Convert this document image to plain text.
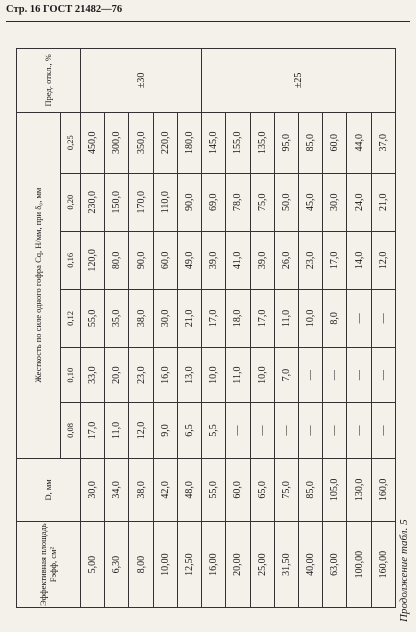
Стр. 16 ГОСТ 21482—76
Продолжение табл. 5
Эффективная площадь Fэфф, см²	D, мм	Жесткость по силе одного гофра Cq, Н/мм, при δ₀, мм						Пред. откл., %
		0,08	0,10	0,12	0,16	0,20	0,25	
5,00	30,0	17,0	33,0	55,0	120,0	230,0	450,0	±30
6,30	34,0	11,0	20,0	35,0	80,0	150,0	300,0	
8,00	38,0	12,0	23,0	38,0	90,0	170,0	350,0	
10,00	42,0	9,0	16,0	30,0	60,0	110,0	220,0	
12,50	48,0	6,5	13,0	21,0	49,0	90,0	180,0	
16,00	55,0	5,5	10,0	17,0	39,0	69,0	145,0	±25
20,00	60,0	—	11,0	18,0	41,0	78,0	155,0	
25,00	65,0	—	10,0	17,0	39,0	75,0	135,0	
31,50	75,0	—	7,0	11,0	26,0	50,0	95,0	
40,00	85,0	—	—	10,0	23,0	45,0	85,0	
63,00	105,0	—	—	8,0	17,0	30,0	60,0	
100,00	130,0	—	—	—	14,0	24,0	44,0	
160,00	160,0	—	—	—	12,0	21,0	37,0	
